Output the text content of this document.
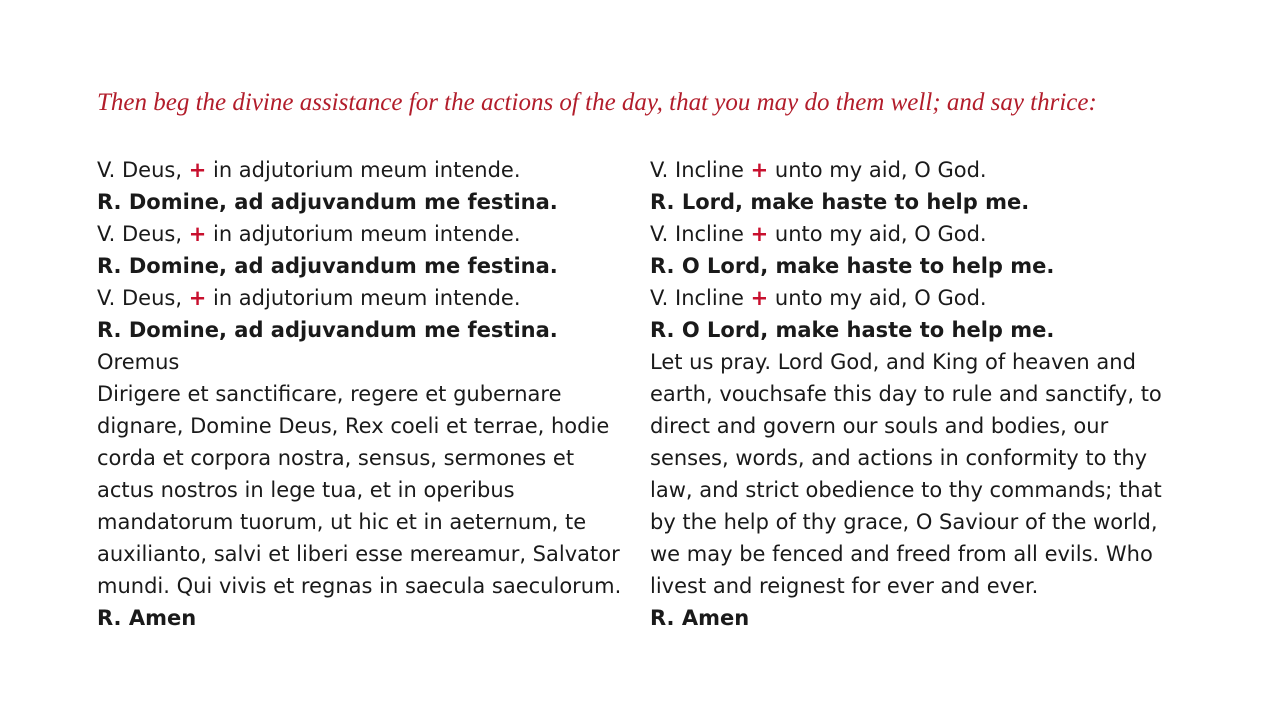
Then beg the divine assistance for the actions of the day, that you may do them well; and say thrice:
V. Deus, + in adjutorium meum intende.
R. Domine, ad adjuvandum me festina.
V. Deus, + in adjutorium meum intende.
R. Domine, ad adjuvandum me festina.
V. Deus, + in adjutorium meum intende.
R. Domine, ad adjuvandum me festina.
Oremus
Dirigere et sanctificare, regere et gubernare
dignare, Domine Deus, Rex coeli et terrae, hodie
corda et corpora nostra, sensus, sermones et
actus nostros in lege tua, et in operibus
mandatorum tuorum, ut hic et in aeternum, te
auxilianto, salvi et liberi esse mereamur, Salvator
mundi. Qui vivis et regnas in saecula saeculorum.
R. Amen
V. Incline + unto my aid, O God.
R. Lord, make haste to help me.
V. Incline + unto my aid, O God.
R. O Lord, make haste to help me.
V. Incline + unto my aid, O God.
R. O Lord, make haste to help me.
Let us pray. Lord God, and King of heaven and
earth, vouchsafe this day to rule and sanctify, to
direct and govern our souls and bodies, our
senses, words, and actions in conformity to thy
law, and strict obedience to thy commands; that
by the help of thy grace, O Saviour of the world,
we may be fenced and freed from all evils. Who
livest and reignest for ever and ever.
R. Amen
